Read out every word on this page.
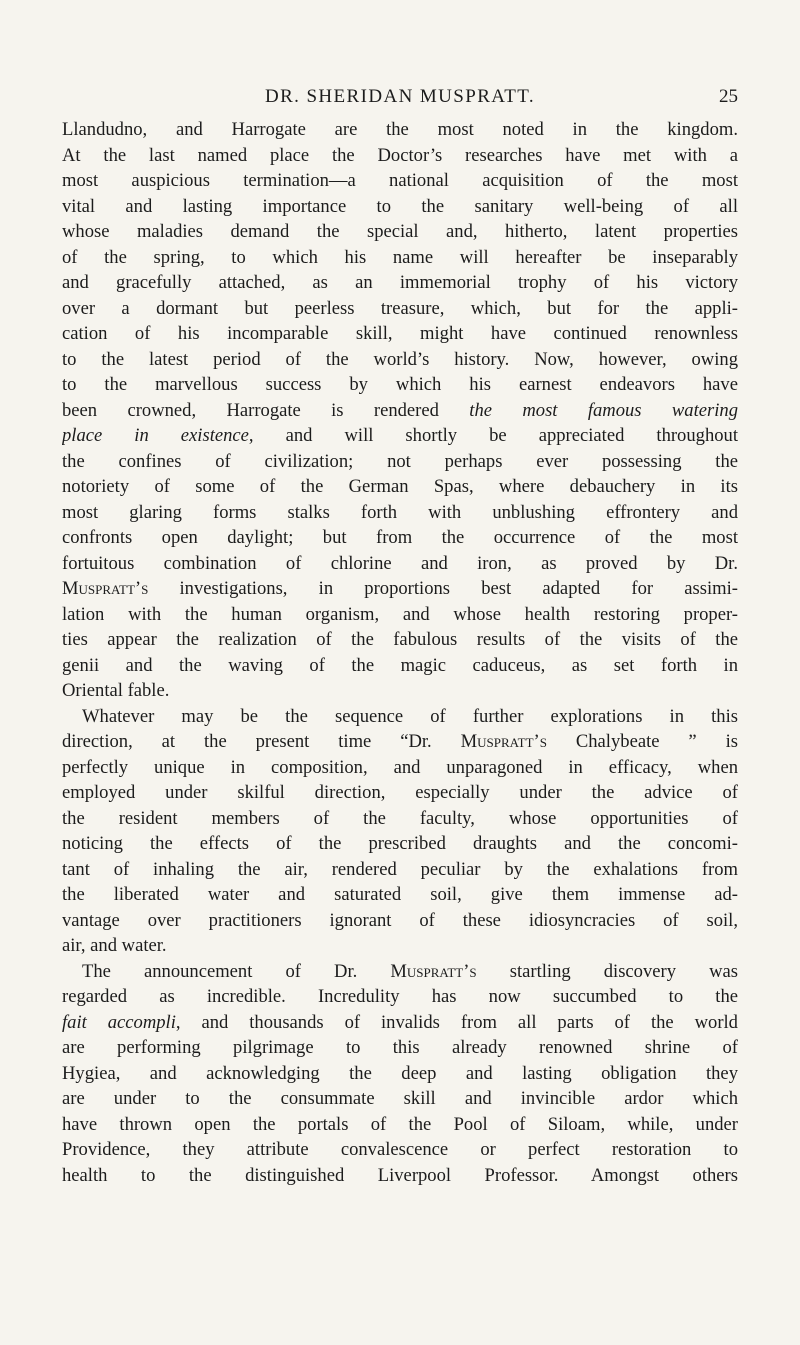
DR. SHERIDAN MUSPRATT.	25

Llandudno, and Harrogate are the most noted in the kingdom.
At the last named place the Doctor’s researches have met with a
most auspicious termination—a national acquisition of the most
vital and lasting importance to the sanitary well-being of all
whose maladies demand the special and, hitherto, latent properties
of the spring, to which his name will hereafter be inseparably
and gracefully attached, as an immemorial trophy of his victory
over a dormant but peerless treasure, which, but for the appli-
cation of his incomparable skill, might have continued renownless
to the latest period of the world’s history. Now, however, owing
to the marvellous success by which his earnest endeavors have
been crowned, Harrogate is rendered the most famous watering
place in existence, and will shortly be appreciated throughout
the confines of civilization; not perhaps ever possessing the
notoriety of some of the German Spas, where debauchery in its
most glaring forms stalks forth with unblushing effrontery and
confronts open daylight; but from the occurrence of the most
fortuitous combination of chlorine and iron, as proved by Dr.
Muspratt’s investigations, in proportions best adapted for assimi-
lation with the human organism, and whose health restoring proper-
ties appear the realization of the fabulous results of the visits of the
genii and the waving of the magic caduceus, as set forth in
Oriental fable.

Whatever may be the sequence of further explorations in this
direction, at the present time “Dr. Muspratt’s Chalybeate ” is
perfectly unique in composition, and unparagoned in efficacy, when
employed under skilful direction, especially under the advice of
the resident members of the faculty, whose opportunities of
noticing the effects of the prescribed draughts and the concomi-
tant of inhaling the air, rendered peculiar by the exhalations from
the liberated water and saturated soil, give them immense ad-
vantage over practitioners ignorant of these idiosyncracies of soil,
air, and water.

The announcement of Dr. Muspratt’s startling discovery was
regarded as incredible. Incredulity has now succumbed to the
fait accompli, and thousands of invalids from all parts of the world
are performing pilgrimage to this already renowned shrine of
Hygiea, and acknowledging the deep and lasting obligation they
are under to the consummate skill and invincible ardor which
have thrown open the portals of the Pool of Siloam, while, under
Providence, they attribute convalescence or perfect restoration to
health to the distinguished Liverpool Professor. Amongst others
